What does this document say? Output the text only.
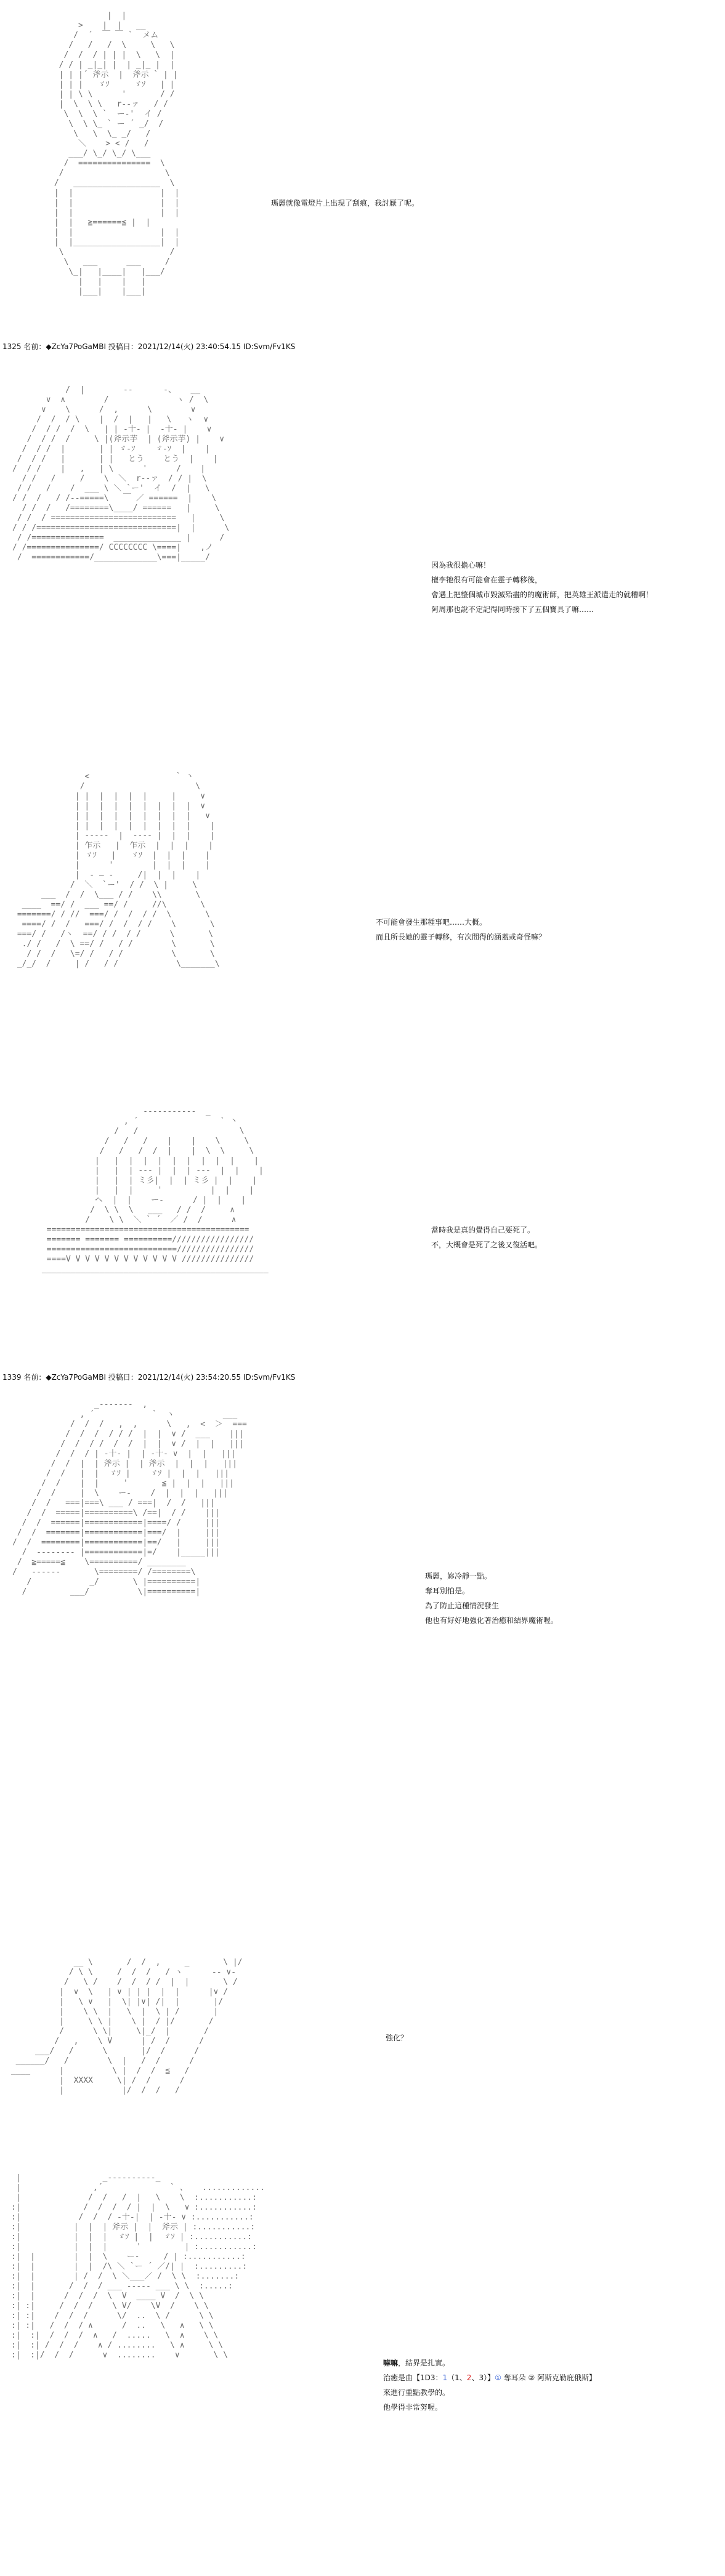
|  |
>    |  |   __
/  ´  ￣ ￣ `  メム
/   /   /  \     \   \
/  /  / | | |  \   \  |
/ / | _|_| |  | _|_ |  |
| | |´ 斧示  |  斧示 ` | |
| | |   ゞｿ     ゞｿ   | |
| | \ \      '       / /
|  \  \ \   r-‐ァ   / /
\  \  \ `  ー‐'  イ /
\  \ \_ ` ー ´ _/  /
\   \  \_ _/   /
＼    > < /   /
___/ \_/ \_/ \___
/  ===============  \
/                     \
/   __________________  \
|  |                  |  |
|  |                  |  |
|  |                  |  |
|  |   ≧======≦ |  |
|  |                  |  |
|  |__________________|  |
\                      /
\   ___      ___     /
\_|   |____|   |___/
|   |    |   |
|___|    |___|

瑪麗就像電燈片上出現了刮痕，我討厭了呢。

1325 名前：◆ZcYa7PoGaMBI 投稿日：2021/12/14(火) 23:40:54.15 ID:Svm/Fv1KS
/  |        -‐ ￣ ￣ -、   __
∨  ∧        /              ヽ /  \
∨    \      /  ,      \        ∨
/  /  / \    |  /  |   |   \   ヽ  ∨
/  / /  /  \   | | ‐十‐ |  ‐十‐ |    ∨
/  / /  /     \ |(斧示芋  | (斧示芋) |    ∨
/  / /  |       | | ゞ-ｿ    ゞ-ｿ  |    |
/  / /   |       | |   とう    とう  |    |
/  / /    |   ,   | \      '      /    |
/ /   /     /    \  ＼  r--ァ  / / |  \
/ /   /    /  ___ \ ＼ `ー'  イ  /  |   \
/ /  /   / /‐‐=====\   ￣ ／ ======  |    \
/ /  /   /========\____/ ======   |     \
/ /  / ==========================   |     \
/ / /=============================|  |      \
/ /===============  ______________ |      /
/ /===============/ CCCCCCCC \====|    ,ノ
/  ============/_____________\===|_____/

因為我很擔心嘛！

檀李牠很有可能會在靈子轉移後，

會遇上把整個城市毀滅殆盡的的魔術師，把英雄王派遣走的就糟啊！

阿周那也說不定記得同時接下了五個寶具了嘛……

<  ￣ ￣ ￣ ￣ ￣ ￣ ` 丶
/                       \
| |  |  |  |  |     |     ∨
| |  |  |  |  |  |  |  |  ∨
| |  |  |  |  |  |  |  |   ∨
| |  |  |  |  |  |  |  |    |
| ‐‐‐‐-  |  ‐‐‐- |  |  |    |
| 乍示   |  乍示  |  |  |    |
| ゞｿ   |   ゞｿ  |  |  |    |
|      '        |  |  |    |
|  ‐ ― ‐     /|  |  |    |
/  ＼  `ー'  / /  \ |     \
___  /  /  \___ / /    \\       \
____  ==/ /  ___ ==/ /     //\       \
=======/ / //  ===/ /  /  / /  \       \
====/ /  /   ===/ /  /  / /    \       \
===/ /   /ヽ  ==/ / /  / /      \       \
./ /   /  \ ==/ /   / /        \       \
/ /  /   \=/ /   / /          \       \
_/_/  /     | /   / /            \_______\

不可能會發生那種事吧……大概。

而且所長她的靈子轉移，有次間得的涵蓋或奇怪嘛？

--‐‐‐‐‐‐‐‐-  _
, ´                 ` 丶
/   /                     \
/   /   /    |    |    \     \
/   /   /  /  |    |  \  \     \
|   |  |  |  |  |  |  |  |  |    |
|   |  | ‐‐‐ |  |  | ‐‐‐  |  |    |
|   |  | ミ彡|  |  | ミ彡 |  |    |
|   |  |     '          |  |    |
ヘ  |  |    ー‐      / |  |    |
/  \ \  \   ___   / /  /     ∧
/    \ \  ＼ ` ´  ／ /  /      ∧
==========================================
======= ======= ==========/////////////////
===========================////////////////
====V V V V V V V V V V V V ///////////////
_______________________________________________

當時我是真的覺得自己要死了。

不，大概會是死了之後又復活吧。

1339 名前：◆ZcYa7PoGaMBI 投稿日：2021/12/14(火) 23:54:20.55 ID:Svm/Fv1KS
_---‐‐‐-  ,
, ´            `  ヽ          ___
/  /  /   ,  ,      \   ,  <  ＞  ===
/  /  /  / / /  |  |  ∨ /  ___    |||
/  /  / /  /  /  |  |  ∨ /  |  |   |||
/  /  / | ‐十‐ |  | ‐十‐ ∨  |  |   |||
/  /  |  | 斧示 |  | 斧示  |  |  |   |||
/  /   |  |  ゞｿ |    ゞｿ |  |  |   |||
/  /    |  |     '       ≦ |  |  |   |||
/  /     |  \    ー‐    /  |  |  |   |||
/  /   ===|===\ ___ / ===|  /  /   |||
/  /  =====|==========\ /==|  / /    |||
/  /  ======|============|====/ /     |||
/  /  =======|============|===/  |     |||
/  /  ========|============|==/   |     |||
/  ‐‐‐‐‐‐‐‐ |============|=/    |_____|||
/  ≧=====≦    \==========/ ________
/   ‐‐‐‐‐‐       \========/ /========\
/            _/       \ |==========|
/         ___/          \|==========|

瑪麗，妳冷靜一點。

奪耳別怕是。

為了防止這種情況發生

他也有好好地強化著治癒和結界魔術喔。

__ \       /  /  ,     _       \ |/
/ \ \     /  /  /   / ヽ      -‐ ∨-
/   \ /    /  /  / /  |  |       \ /
|  ∨  \   | ∨ | | |  |  |      |∨ /
|   \ ∨   |  \| |∨| /|  |       |/
|    \ \  |   \  |  \ | /       |
|     \ \ |    \ |  / |/       /
/      \ \|     \|_/  |       /
/   ,    \ V      | /  /      /
___/   /      \       |/  /      /
______/   /        \  |   /  /      /
____      |          \ |  /  /  ≦   /
|  XXXX     \| /  /      /
|            |/  /  /   /

強化？

|                 _---‐‐‐‐---_
|               ,´              ` 、   .............
|              /  /   /  |   \    \  :...........:
:|             /  /  /  / |  |  \   ∨ :...........:
:|            /  /  / ‐十‐|  | ‐十‐ ∨ :...........:
:|           |  |  | 斧示 |  |  斧示 | :...........:
:|           |  |  |  ゞｿ |  |  ゞｿ | :...........:
:|           |  |  |      '         | :...........:
:|  |        |  |  \    ー‐     / | :...........:
:|  |        |  |  /\ ＼ `ー ´ ／/| |  :.........:
:|  |        | /  /  \ ＼___／ /  \ \  :.......:
:|  |       /  /  / ___ ‐‐‐‐‐ ___ \ \  :.....:
:|  |      /  /  /  \  V  ____ V  /  \ \
:| :|     /  /  /    \ V/    \V  /    \ \
:| :|    /  /  /      \/  ..  \ /      \ \
:| :|   /  /  / ∧      /  ..   \   ∧   \ \
:|  :|  /  /  /  ∧   /  .....   \  ∧    \ \
:|  :| /  /  /    ∧ / ........   \ ∧     \ \
:|  :|/  /  /      ∨  ........    ∨       \ \

嘛嘛，結界是扎實。

治癒是由【1D3：1（1、2、3）】① 奪耳朵 ② 阿斯克勒庇俄斯】

來進行重點教學的。

他學得非常努喔。
